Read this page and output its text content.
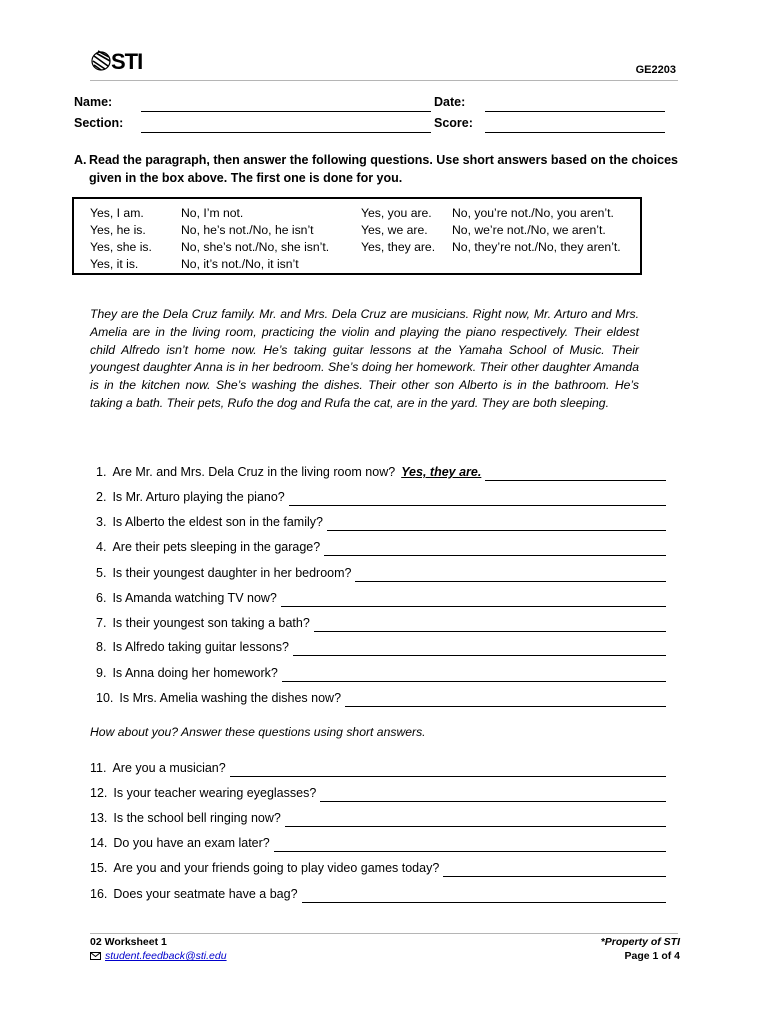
STI	GE2203
Name:
Section:
Date:
Score:
A. Read the paragraph, then answer the following questions. Use short answers based on the choices given in the box above. The first one is done for you.
Yes, I am.
Yes, he is.
Yes, she is.
Yes, it is.
No, I’m not.
No, he’s not./No, he isn’t
No, she’s not./No, she isn’t.
No, it’s not./No, it isn’t
Yes, you are.
Yes, we are.
Yes, they are.
No, you’re not./No, you aren’t.
No, we’re not./No, we aren’t.
No, they’re not./No, they aren’t.
They are the Dela Cruz family. Mr. and Mrs. Dela Cruz are musicians. Right now, Mr. Arturo and Mrs. Amelia are in the living room, practicing the violin and playing the piano respectively. Their eldest child Alfredo isn’t home now. He’s taking guitar lessons at the Yamaha School of Music. Their youngest daughter Anna is in her bedroom. She’s doing her homework. Their other daughter Amanda is in the kitchen now. She’s washing the dishes. Their other son Alberto is in the bathroom. He’s taking a bath. Their pets, Rufo the dog and Rufa the cat, are in the yard. They are both sleeping.
1. Are Mr. and Mrs. Dela Cruz in the living room now? Yes, they are.
2. Is Mr. Arturo playing the piano?
3. Is Alberto the eldest son in the family?
4. Are their pets sleeping in the garage?
5. Is their youngest daughter in her bedroom?
6. Is Amanda watching TV now?
7. Is their youngest son taking a bath?
8. Is Alfredo taking guitar lessons?
9. Is Anna doing her homework?
10. Is Mrs. Amelia washing the dishes now?
How about you? Answer these questions using short answers.
11. Are you a musician?
12. Is your teacher wearing eyeglasses?
13. Is the school bell ringing now?
14. Do you have an exam later?
15. Are you and your friends going to play video games today?
16. Does your seatmate have a bag?
02 Worksheet 1
student.feedback@sti.edu
*Property of STI
Page 1 of 4
